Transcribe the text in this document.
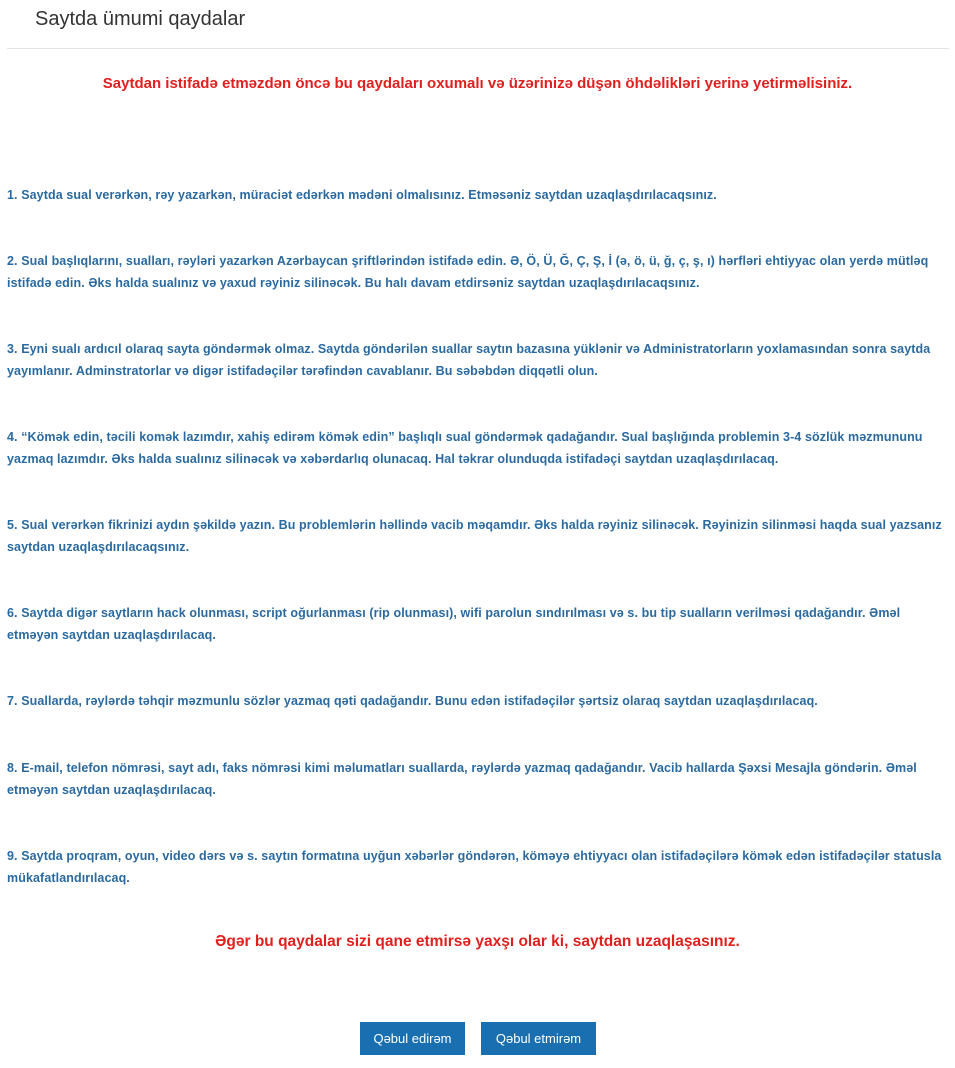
Saytda ümumi qaydalar

Saytdan istifadə etməzdən öncə bu qaydaları oxumalı və üzərinizə düşən öhdəlikləri yerinə yetirməlisiniz.

1. Saytda sual verərkən, rəy yazarkən, müraciət edərkən mədəni olmalısınız. Etməsəniz saytdan uzaqlaşdırılacaqsınız.
2. Sual başlıqlarını, sualları, rəyləri yazarkən Azərbaycan şriftlərindən istifadə edin. Ə, Ö, Ü, Ğ, Ç, Ş, İ (ə, ö, ü, ğ, ç, ş, ı) hərfləri ehtiyyac olan yerdə mütləq istifadə edin. Əks halda sualınız və yaxud rəyiniz silinəcək. Bu halı davam etdirsəniz saytdan uzaqlaşdırılacaqsınız.
3. Eyni sualı ardıcıl olaraq sayta göndərmək olmaz. Saytda göndərilən suallar saytın bazasına yüklənir və Administratorların yoxlamasından sonra saytda yayımlanır. Adminstratorlar və digər istifadəçilər tərəfindən cavablanır. Bu səbəbdən diqqətli olun.
4. “Kömək edin, təcili komək lazımdır, xahiş edirəm kömək edin” başlıqlı sual göndərmək qadağandır. Sual başlığında problemin 3-4 sözlük məzmununu yazmaq lazımdır. Əks halda sualınız silinəcək və xəbərdarlıq olunacaq. Hal təkrar olunduqda istifadəçi saytdan uzaqlaşdırılacaq.
5. Sual verərkən fikrinizi aydın şəkildə yazın. Bu problemlərin həllində vacib məqamdır. Əks halda rəyiniz silinəcək. Rəyinizin silinməsi haqda sual yazsanız saytdan uzaqlaşdırılacaqsınız.
6. Saytda digər saytların hack olunması, script oğurlanması (rip olunması), wifi parolun sındırılması və s. bu tip sualların verilməsi qadağandır. Əməl etməyən saytdan uzaqlaşdırılacaq.
7. Suallarda, rəylərdə təhqir məzmunlu sözlər yazmaq qəti qadağandır. Bunu edən istifadəçilər şərtsiz olaraq saytdan uzaqlaşdırılacaq.
8. E-mail, telefon nömrəsi, sayt adı, faks nömrəsi kimi məlumatları suallarda, rəylərdə yazmaq qadağandır. Vacib hallarda Şəxsi Mesajla göndərin. Əməl etməyən saytdan uzaqlaşdırılacaq.
9. Saytda proqram, oyun, video dərs və s. saytın formatına uyğun xəbərlər göndərən, köməyə ehtiyyacı olan istifadəçilərə kömək edən istifadəçilər statusla mükafatlandırılacaq.

Əgər bu qaydalar sizi qane etmirsə yaxşı olar ki, saytdan uzaqlaşasınız.

Qəbul edirəm	Qəbul etmirəm
